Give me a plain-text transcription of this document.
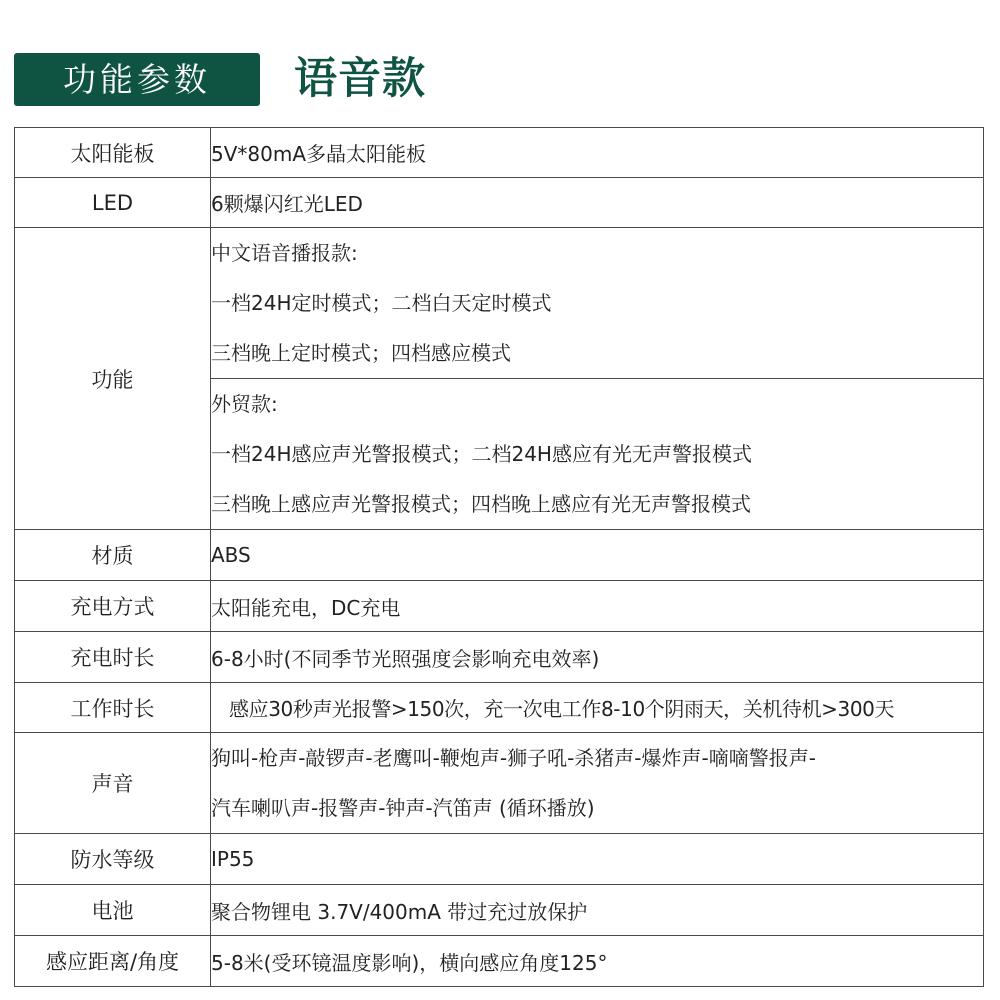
功能参数	语音款
太阳能板	5V*80mA多晶太阳能板
LED	6颗爆闪红光LED
功能	中文语音播报款:
一档24H定时模式；二档白天定时模式
三档晚上定时模式；四档感应模式

	外贸款:
一档24H感应声光警报模式；二档24H感应有光无声警报模式
三档晚上感应声光警报模式；四档晚上感应有光无声警报模式

材质	ABS
充电方式	太阳能充电，DC充电
充电时长	6-8小时(不同季节光照强度会影响充电效率)
工作时长	感应30秒声光报警>150次，充一次电工作8-10个阴雨天，关机待机>300天
声音	狗叫-枪声-敲锣声-老鹰叫-鞭炮声-狮子吼-杀猪声-爆炸声-嘀嘀警报声-
汽车喇叭声-报警声-钟声-汽笛声 (循环播放)

防水等级	IP55
电池	聚合物锂电 3.7V/400mA 带过充过放保护
感应距离/角度	5-8米(受环镜温度影响)，横向感应角度125°
